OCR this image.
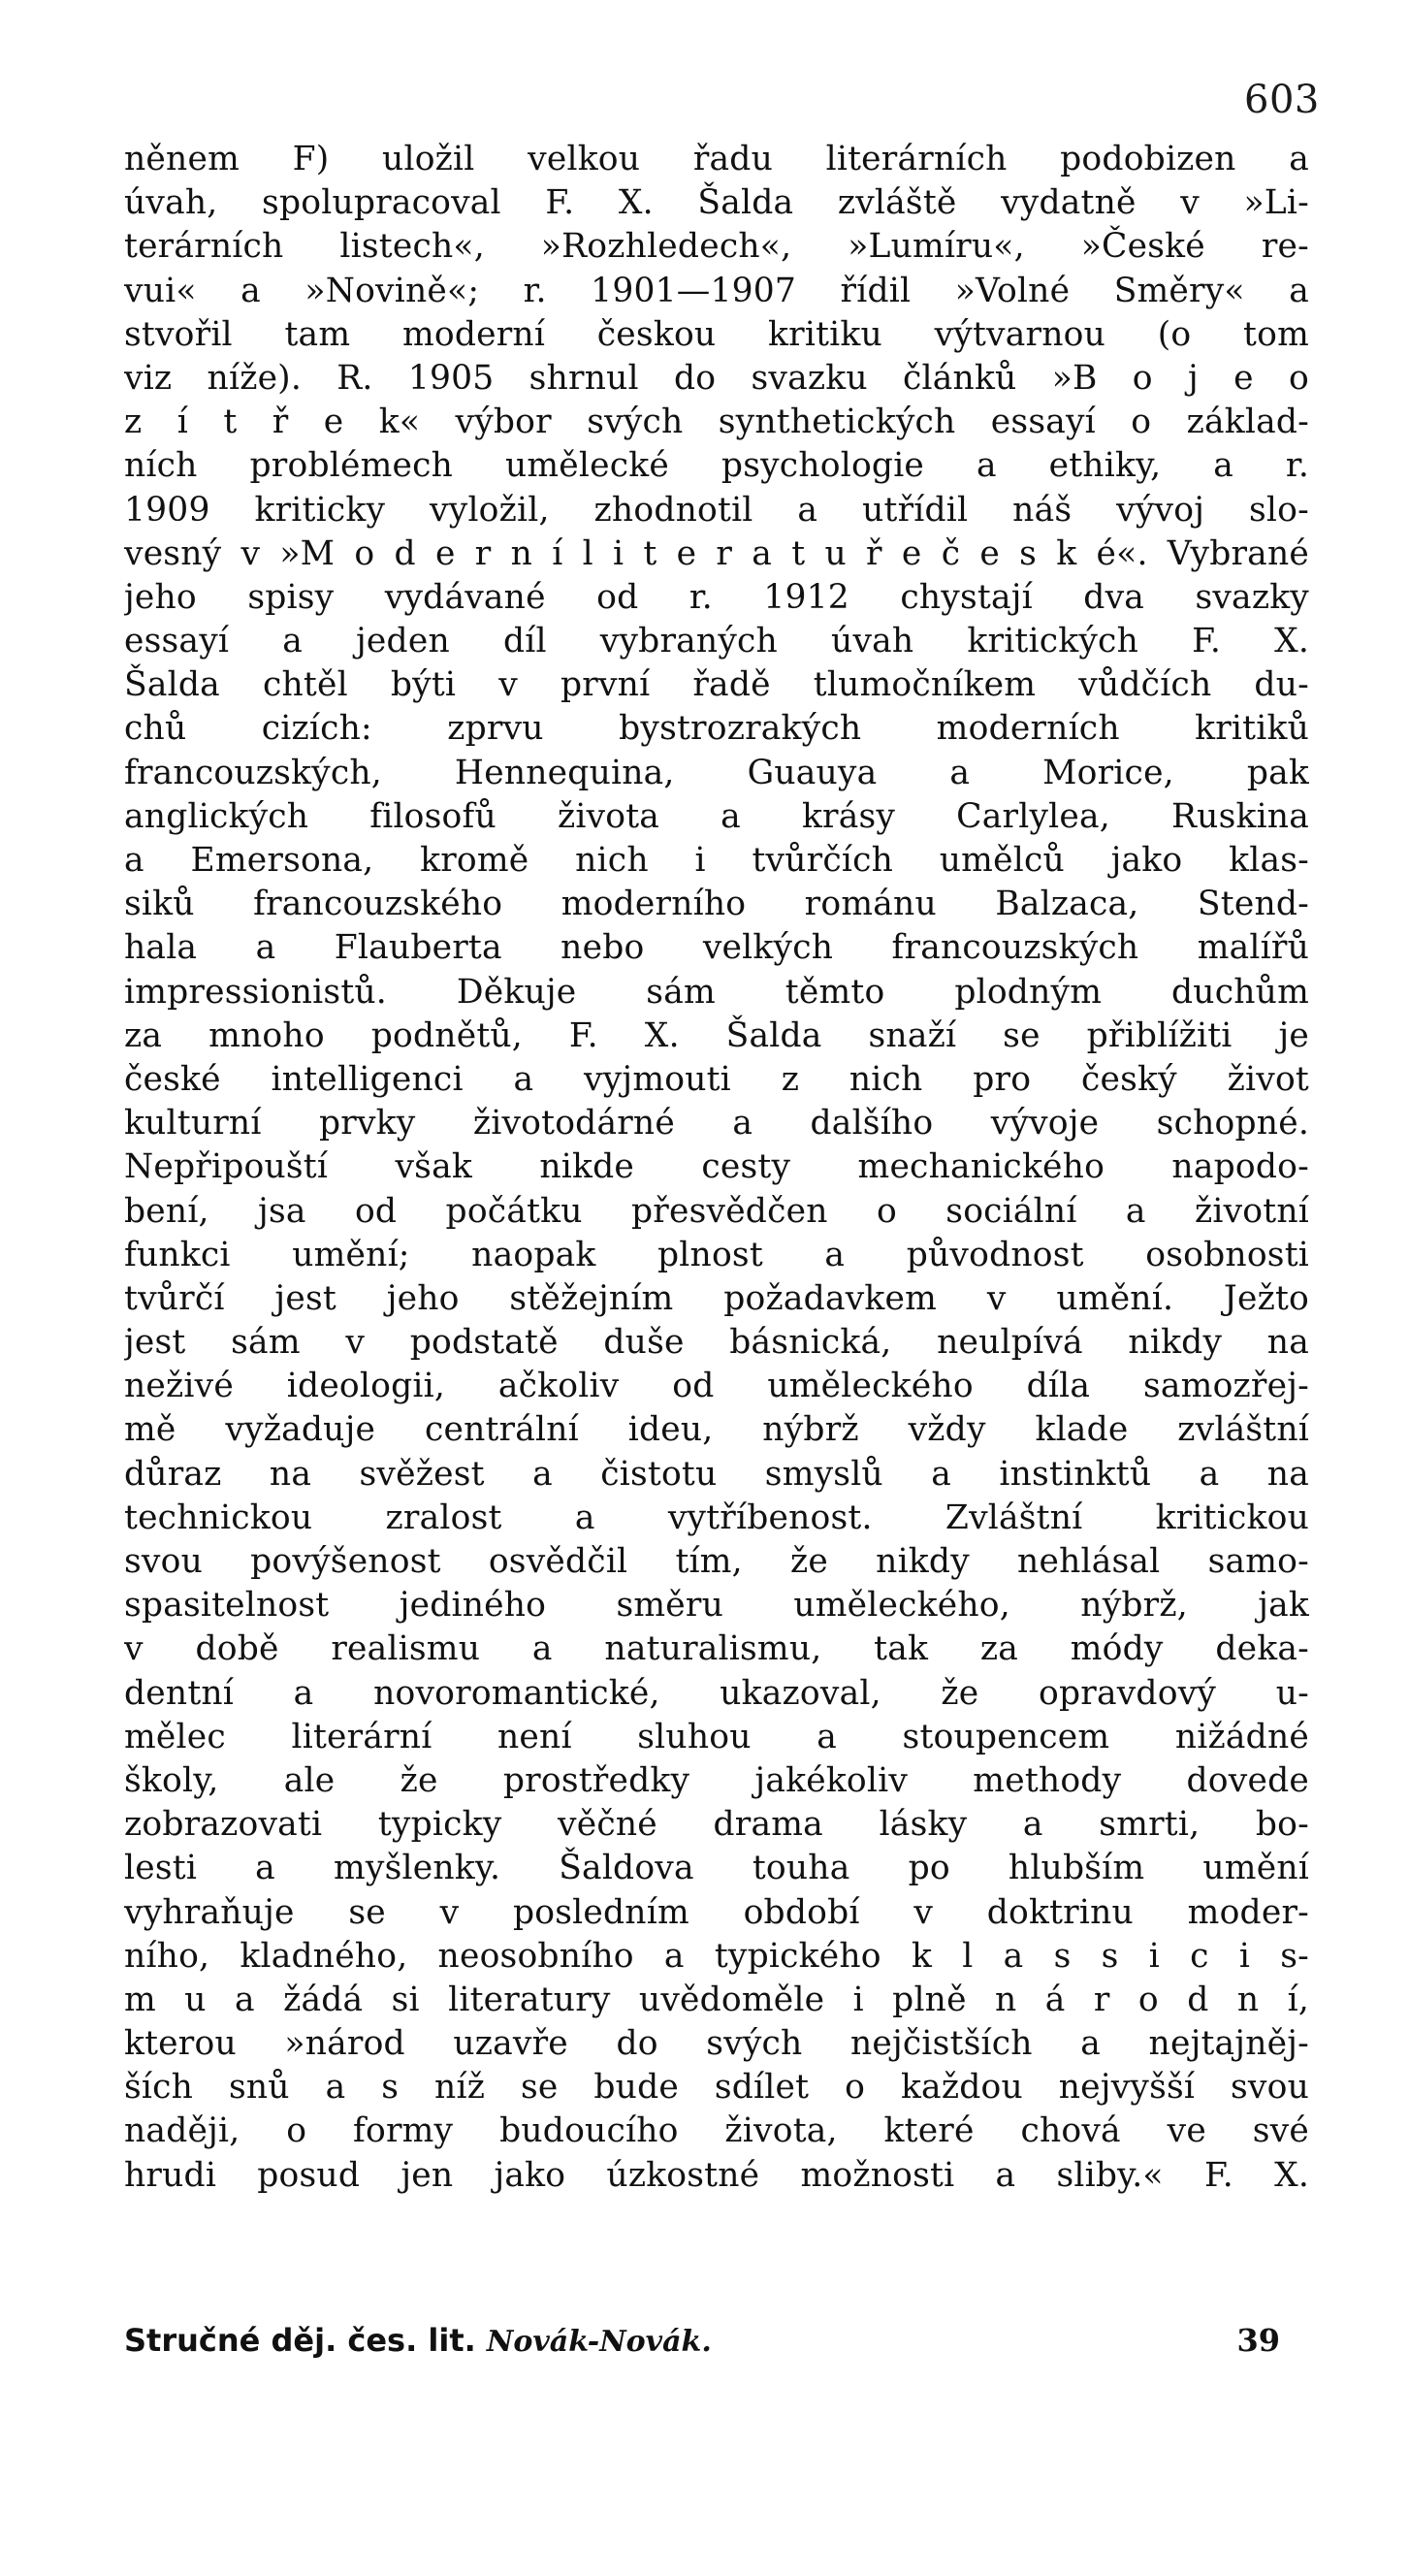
603
něnem F) uložil velkou řadu literárních podobizen a
úvah, spolupracoval F. X. Šalda zvláště vydatně v »Li-
terárních listech«, »Rozhledech«, »Lumíru«, »České re-
vui« a »Novině«; r. 1901—1907 řídil »Volné Směry« a
stvořil tam moderní českou kritiku výtvarnou (o tom
viz níže). R. 1905 shrnul do svazku článků »B o j e o
z í t ř e k« výbor svých synthetických essayí o základ-
ních problémech umělecké psychologie a ethiky, a r.
1909 kriticky vyložil, zhodnotil a utřídil náš vývoj slo-
vesný v »M o d e r n í l i t e r a t u ř e č e s k é«. Vybrané
jeho spisy vydávané od r. 1912 chystají dva svazky
essayí a jeden díl vybraných úvah kritických F. X.
Šalda chtěl býti v první řadě tlumočníkem vůdčích du-
chů cizích: zprvu bystrozrakých moderních kritiků
francouzských, Hennequina, Guauya a Morice, pak
anglických filosofů života a krásy Carlylea, Ruskina
a Emersona, kromě nich i tvůrčích umělců jako klas-
siků francouzského moderního románu Balzaca, Stend-
hala a Flauberta nebo velkých francouzských malířů
impressionistů. Děkuje sám těmto plodným duchům
za mnoho podnětů, F. X. Šalda snaží se přiblížiti je
české intelligenci a vyjmouti z nich pro český život
kulturní prvky životodárné a dalšího vývoje schopné.
Nepřipouští však nikde cesty mechanického napodo-
bení, jsa od počátku přesvědčen o sociální a životní
funkci umění; naopak plnost a původnost osobnosti
tvůrčí jest jeho stěžejním požadavkem v umění. Ježto
jest sám v podstatě duše básnická, neulpívá nikdy na
neživé ideologii, ačkoliv od uměleckého díla samozřej-
mě vyžaduje centrální ideu, nýbrž vždy klade zvláštní
důraz na svěžest a čistotu smyslů a instinktů a na
technickou zralost a vytříbenost. Zvláštní kritickou
svou povýšenost osvědčil tím, že nikdy nehlásal samo-
spasitelnost jediného směru uměleckého, nýbrž, jak
v době realismu a naturalismu, tak za módy deka-
dentní a novoromantické, ukazoval, že opravdový u-
mělec literární není sluhou a stoupencem nižádné
školy, ale že prostředky jakékoliv methody dovede
zobrazovati typicky věčné drama lásky a smrti, bo-
lesti a myšlenky. Šaldova touha po hlubším umění
vyhraňuje se v posledním období v doktrinu moder-
ního, kladného, neosobního a typického k l a s s i c i s-
m u a žádá si literatury uvědoměle i plně n á r o d n í,
kterou »národ uzavře do svých nejčistších a nejtajněj-
ších snů a s níž se bude sdílet o každou nejvyšší svou
naději, o formy budoucího života, které chová ve své
hrudi posud jen jako úzkostné možnosti a sliby.« F. X.
Stručné děj. čes. lit. Novák-Novák.	39
